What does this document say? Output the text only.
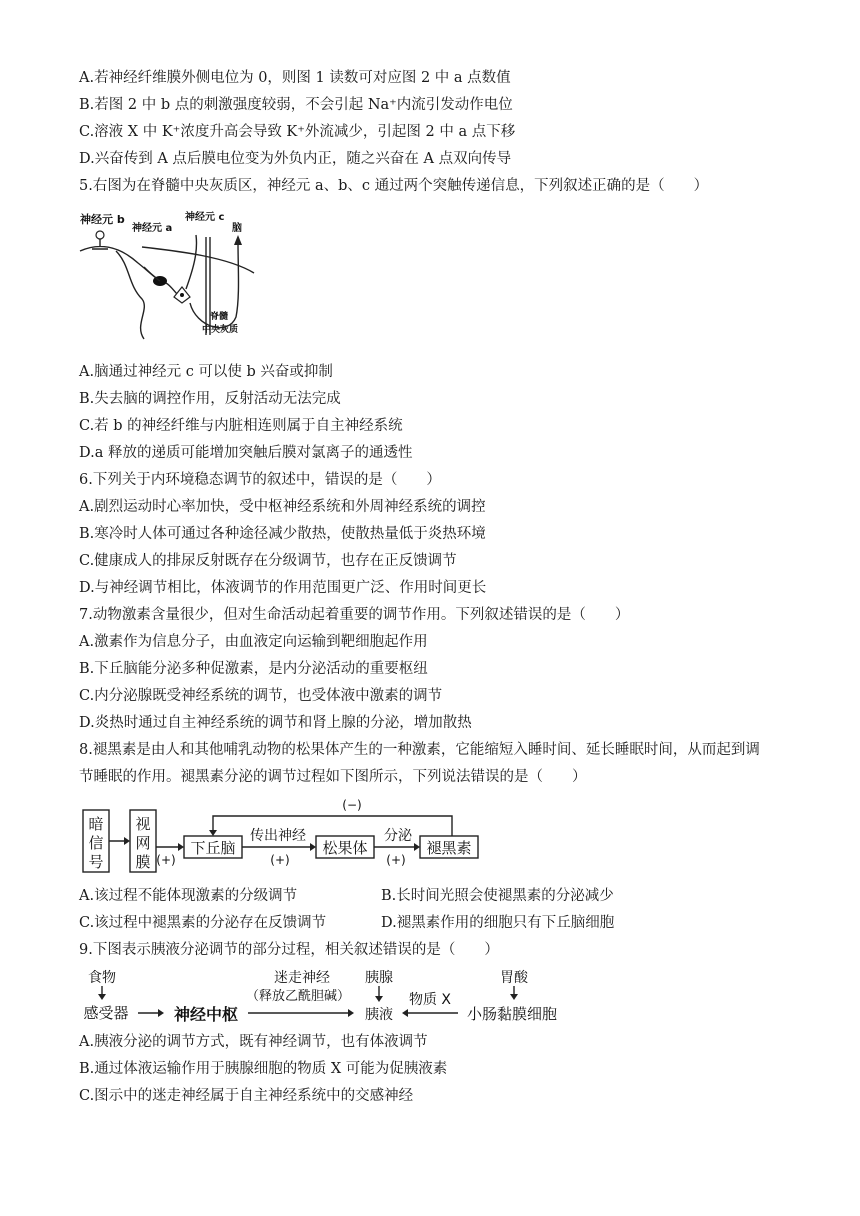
A.若神经纤维膜外侧电位为 0，则图 1 读数可对应图 2 中 a 点数值
B.若图 2 中 b 点的刺激强度较弱，不会引起 Na⁺内流引发动作电位
C.溶液 X 中 K⁺浓度升高会导致 K⁺外流减少，引起图 2 中 a 点下移
D.兴奋传到 A 点后膜电位变为外负内正，随之兴奋在 A 点双向传导
5.右图为在脊髓中央灰质区，神经元 a、b、c 通过两个突触传递信息，下列叙述正确的是（　　）
神经元 b
神经元 a
神经元 c
脑
脊髓
中央灰质
A.脑通过神经元 c 可以使 b 兴奋或抑制
B.失去脑的调控作用，反射活动无法完成
C.若 b 的神经纤维与内脏相连则属于自主神经系统
D.a 释放的递质可能增加突触后膜对氯离子的通透性
6.下列关于内环境稳态调节的叙述中，错误的是（　　）
A.剧烈运动时心率加快，受中枢神经系统和外周神经系统的调控
B.寒冷时人体可通过各种途径减少散热，使散热量低于炎热环境
C.健康成人的排尿反射既存在分级调节，也存在正反馈调节
D.与神经调节相比，体液调节的作用范围更广泛、作用时间更长
7.动物激素含量很少，但对生命活动起着重要的调节作用。下列叙述错误的是（　　）
A.激素作为信息分子，由血液定向运输到靶细胞起作用
B.下丘脑能分泌多种促激素，是内分泌活动的重要枢纽
C.内分泌腺既受神经系统的调节，也受体液中激素的调节
D.炎热时通过自主神经系统的调节和肾上腺的分泌，增加散热
8.褪黑素是由人和其他哺乳动物的松果体产生的一种激素，它能缩短入睡时间、延长睡眠时间，从而起到调
节睡眠的作用。褪黑素分泌的调节过程如下图所示，下列说法错误的是（　　）
暗
信
号
视
网
膜 (+)
下丘脑
传出神经
(+)
松果体
分泌
(+)
褪黑素
(−)
A.该过程不能体现激素的分级调节	B.长时间光照会使褪黑素的分泌减少
C.该过程中褪黑素的分泌存在反馈调节	D.褪黑素作用的细胞只有下丘脑细胞
9.下图表示胰液分泌调节的部分过程，相关叙述错误的是（　　）
食物
感受器	神经中枢
迷走神经
（释放乙酰胆碱）
胰腺
胰液
物质 X
胃酸
小肠黏膜细胞
A.胰液分泌的调节方式，既有神经调节，也有体液调节
B.通过体液运输作用于胰腺细胞的物质 X 可能为促胰液素
C.图示中的迷走神经属于自主神经系统中的交感神经
